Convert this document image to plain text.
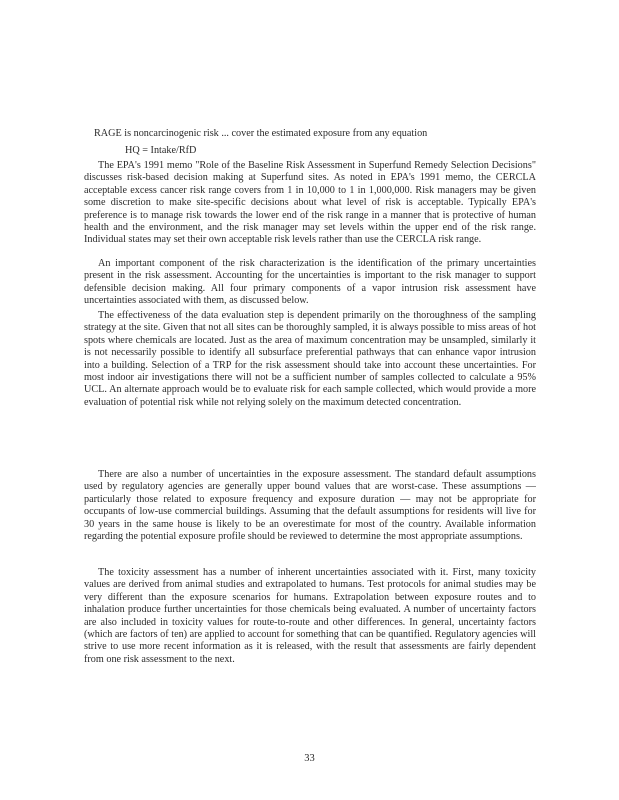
RAGE is noncarcinogenic risk ... cover the estimated exposure from any equation
HQ = Intake/RfD

The EPA's 1991 memo "Role of the Baseline Risk Assessment in Superfund Remedy Selection Decisions" discusses risk-based decision making at Superfund sites. As noted in EPA's 1991 memo, the CERCLA acceptable excess cancer risk range covers from 1 in 10,000 to 1 in 1,000,000. Risk managers may be given some discretion to make site-specific decisions about what level of risk is acceptable. Typically EPA's preference is to manage risk towards the lower end of the risk range in a manner that is protective of human health and the environment, and the risk manager may set levels within the upper end of the risk range. Individual states may set their own acceptable risk levels rather than use the CERCLA risk range.

An important component of the risk characterization is the identification of the primary uncertainties present in the risk assessment. Accounting for the uncertainties is important to the risk manager to support defensible decision making. All four primary components of a vapor intrusion risk assessment have uncertainties associated with them, as discussed below.

The effectiveness of the data evaluation step is dependent primarily on the thoroughness of the sampling strategy at the site. Given that not all sites can be thoroughly sampled, it is always possible to miss areas of hot spots where chemicals are located. Just as the area of maximum concentration may be unsampled, similarly it is not necessarily possible to identify all subsurface preferential pathways that can enhance vapor intrusion into a building. Selection of a TRP for the risk assessment should take into account these uncertainties. For most indoor air investigations there will not be a sufficient number of samples collected to calculate a 95% UCL. An alternate approach would be to evaluate risk for each sample collected, which would provide a more evaluation of potential risk while not relying solely on the maximum detected concentration.

There are also a number of uncertainties in the exposure assessment. The standard default assumptions used by regulatory agencies are generally upper bound values that are worst-case. These assumptions — particularly those related to exposure frequency and exposure duration — may not be appropriate for occupants of low-use commercial buildings. Assuming that the default assumptions for residents will live for 30 years in the same house is likely to be an overestimate for most of the country. Available information regarding the potential exposure profile should be reviewed to determine the most appropriate assumptions.

The toxicity assessment has a number of inherent uncertainties associated with it. First, many toxicity values are derived from animal studies and extrapolated to humans. Test protocols for animal studies may be very different than the exposure scenarios for humans. Extrapolation between exposure routes and to inhalation produce further uncertainties for those chemicals being evaluated. A number of uncertainty factors are also included in toxicity values for route-to-route and other differences. In general, uncertainty factors (which are factors of ten) are applied to account for something that can be quantified. Regulatory agencies will strive to use more recent information as it is released, with the result that assessments are fairly dependent from one risk assessment to the next.

33
